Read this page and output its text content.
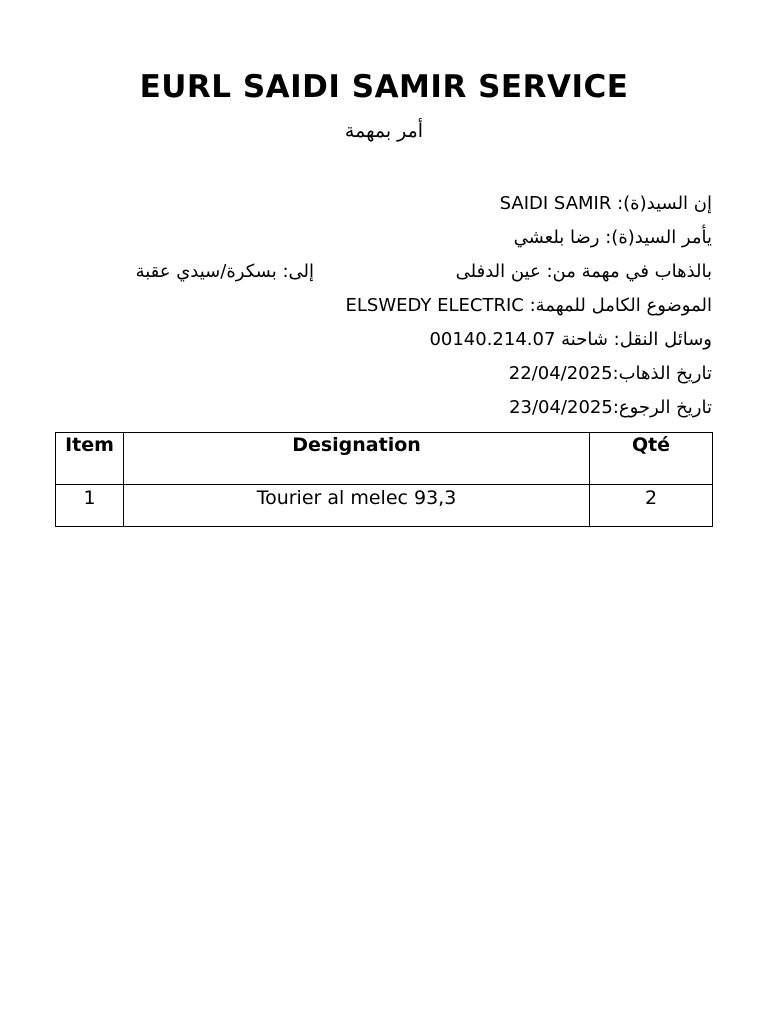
EURL SAIDI SAMIR SERVICE
أمر بمهمة
إن السيد(ة): SAIDI SAMIR
يأمر السيد(ة): رضا بلعشي
بالذهاب في مهمة من: عين الدفلى
إلى: بسكرة/سيدي عقبة
الموضوع الكامل للمهمة: ELSWEDY ELECTRIC
وسائل النقل: شاحنة 00140.214.07
تاريخ الذهاب:22/04/2025
تاريخ الرجوع:23/04/2025
Item	Designation	Qté
1	Tourier al melec 93,3	2
